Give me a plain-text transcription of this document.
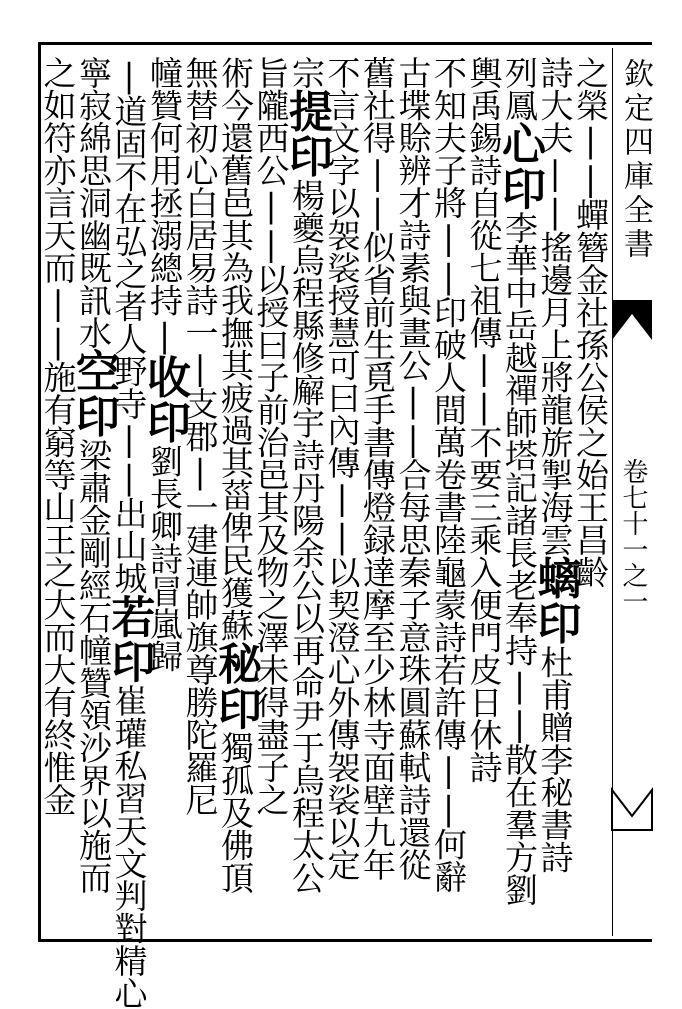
欽定四庫全書
卷七十一之一
之榮||蟬簪金社孫公侯之始王昌齡
詩大夫||搖邊月上將龍旂掣海雲螭印杜甫贈李秘書詩
列鳳心印李華中岳越禪師塔記諸長老奉持||散在羣方劉
輿禹錫詩自從七祖傳||不要三乘入便門皮日休詩
不知夫子將||印破人間萬卷書陸龜蒙詩若許傳||何辭
古堞賒辨才詩素與畫公||合每思秦子意珠圓蘇軾詩還從
舊社得||似省前生覓手書傳燈録達摩至少林寺面壁九年
不言文字以袈裟授慧可曰內傳||以契澄心外傳袈裟以定
宗提印楊夔烏程縣修廨宇詩丹陽余公以再命尹于烏程太公
旨隴西公||以授曰子前治邑其及物之澤未得盡子之
術今還舊邑其為我撫其疲過其菑俾民獲蘇秘印獨孤及佛頂
無替初心白居易詩一|支郡|一建連帥旗尊勝陀羅尼
幢贊何用拯溺總持|收印劉長卿詩冒嵐歸
|道固不在弘之者人野寺||出山城若印崔瓘私習天文判對精心
寧寂綿思洞幽既訊水空印梁肅金剛經石幢贊領沙界以施而
之如符亦言天而||施有窮等山王之大而大有終惟金
